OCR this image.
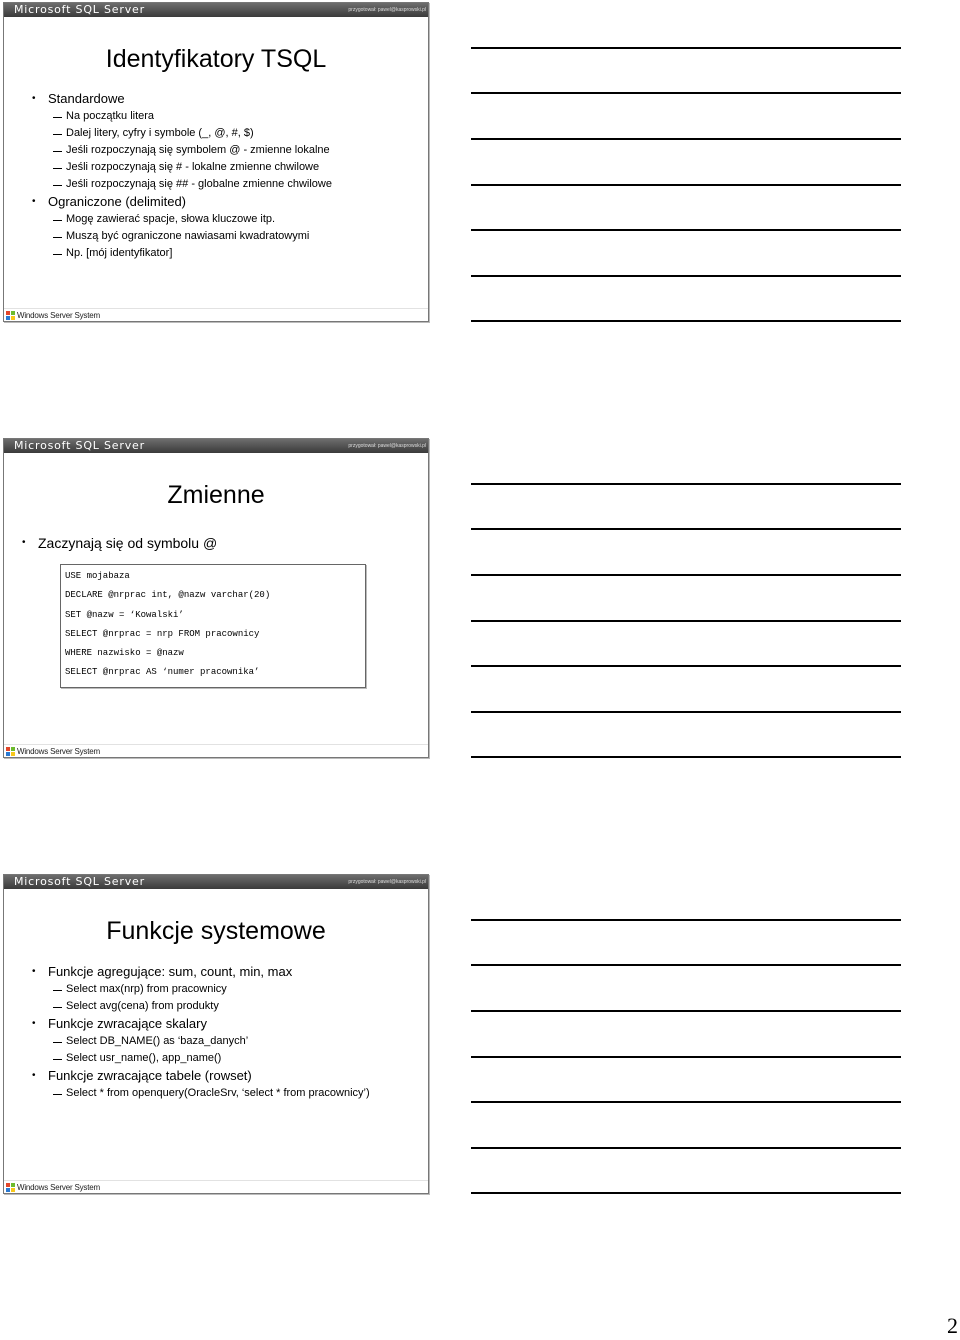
Microsoft SQL Server	przygotował: pawel@kasprowski.pl
Identyfikatory TSQL
• Standardowe
Na początku litera
Dalej litery, cyfry i symbole (_, @, #, $)
Jeśli rozpoczynają się symbolem @ - zmienne lokalne
Jeśli rozpoczynają się # - lokalne zmienne chwilowe
Jeśli rozpoczynają się ## - globalne zmienne chwilowe
• Ograniczone (delimited)
Mogę zawierać spacje, słowa kluczowe itp.
Muszą być ograniczone nawiasami kwadratowymi
Np. [mój identyfikator]
Windows Server System
Microsoft SQL Server	przygotował: pawel@kasprowski.pl
Zmienne
• Zaczynają się od symbolu @
USE mojabaza
DECLARE @nrprac int, @nazw varchar(20)
SET @nazw = ‘Kowalski’
SELECT @nrprac = nrp FROM pracownicy
WHERE nazwisko = @nazw
SELECT @nrprac AS ‘numer pracownika’
Windows Server System
Microsoft SQL Server	przygotował: pawel@kasprowski.pl
Funkcje systemowe
• Funkcje agregujące: sum, count, min, max
Select max(nrp) from pracownicy
Select avg(cena) from produkty
• Funkcje zwracające skalary
Select DB_NAME() as ‘baza_danych’
Select usr_name(), app_name()
• Funkcje zwracające tabele (rowset)
Select * from openquery(OracleSrv, ‘select * from pracownicy’)
Windows Server System
2
